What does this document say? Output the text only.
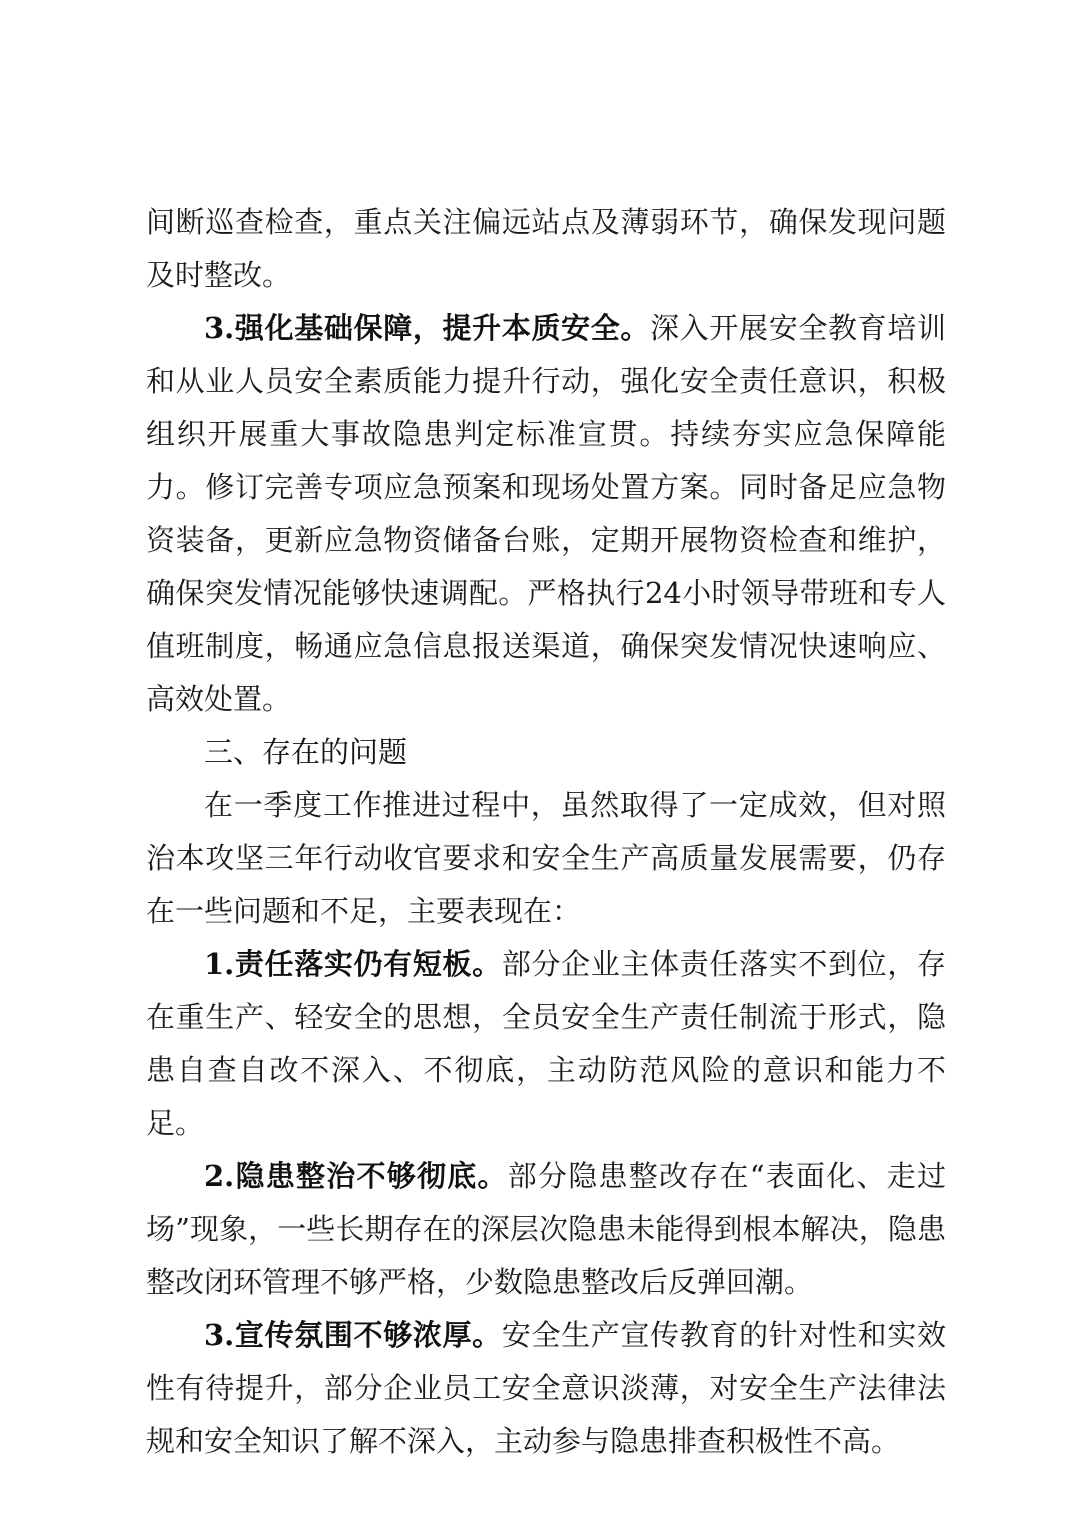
间断巡查检查，重点关注偏远站点及薄弱环节，确保发现问题及时整改。

3.强化基础保障，提升本质安全。深入开展安全教育培训和从业人员安全素质能力提升行动，强化安全责任意识，积极组织开展重大事故隐患判定标准宣贯。持续夯实应急保障能力。修订完善专项应急预案和现场处置方案。同时备足应急物资装备，更新应急物资储备台账，定期开展物资检查和维护，确保突发情况能够快速调配。严格执行24小时领导带班和专人值班制度，畅通应急信息报送渠道，确保突发情况快速响应、高效处置。

三、存在的问题

在一季度工作推进过程中，虽然取得了一定成效，但对照治本攻坚三年行动收官要求和安全生产高质量发展需要，仍存在一些问题和不足，主要表现在：

1.责任落实仍有短板。部分企业主体责任落实不到位，存在重生产、轻安全的思想，全员安全生产责任制流于形式，隐患自查自改不深入、不彻底，主动防范风险的意识和能力不足。

2.隐患整治不够彻底。部分隐患整改存在“表面化、走过场”现象，一些长期存在的深层次隐患未能得到根本解决，隐患整改闭环管理不够严格，少数隐患整改后反弹回潮。

3.宣传氛围不够浓厚。安全生产宣传教育的针对性和实效性有待提升，部分企业员工安全意识淡薄，对安全生产法律法规和安全知识了解不深入，主动参与隐患排查积极性不高。
